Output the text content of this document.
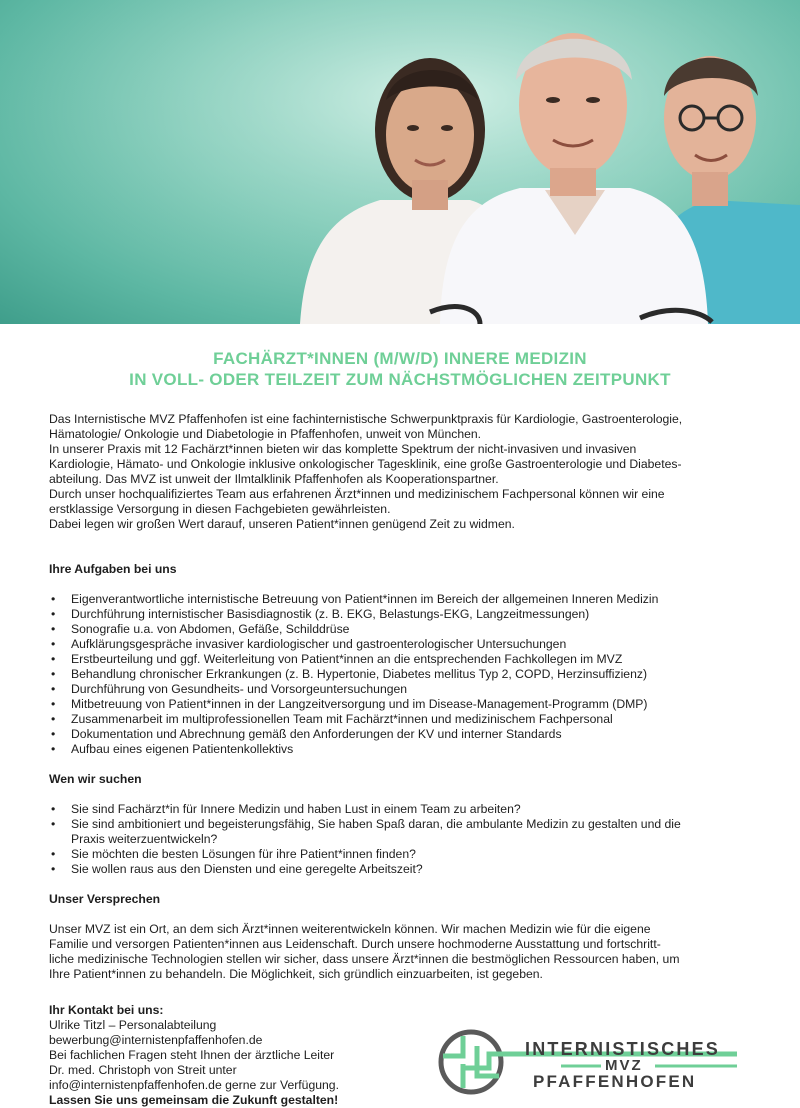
FACHÄRZT*INNEN (M/W/D) INNERE MEDIZIN
IN VOLL- ODER TEILZEIT ZUM NÄCHSTMÖGLICHEN ZEITPUNKT

Das Internistische MVZ Pfaffenhofen ist eine fachinternistische Schwerpunktpraxis für Kardiologie, Gastroenterologie,

Hämatologie/ Onkologie und Diabetologie in Pfaffenhofen, unweit von München.

In unserer Praxis mit 12 Fachärzt*innen bieten wir das komplette Spektrum der nicht-invasiven und invasiven

Kardiologie, Hämato- und Onkologie inklusive onkologischer Tagesklinik, eine große Gastroenterologie und Diabetes-

abteilung. Das MVZ ist unweit der Ilmtalklinik Pfaffenhofen als Kooperationspartner.

Durch unser hochqualifiziertes Team aus erfahrenen Ärzt*innen und medizinischem Fachpersonal können wir eine

erstklassige Versorgung in diesen Fachgebieten gewährleisten.

Dabei legen wir großen Wert darauf, unseren Patient*innen genügend Zeit zu widmen.

Ihre Aufgaben bei uns

• Eigenverantwortliche internistische Betreuung von Patient*innen im Bereich der allgemeinen Inneren Medizin
• Durchführung internistischer Basisdiagnostik (z. B. EKG, Belastungs-EKG, Langzeitmessungen)
• Sonografie u.a. von Abdomen, Gefäße, Schilddrüse
• Aufklärungsgespräche invasiver kardiologischer und gastroenterologischer Untersuchungen
• Erstbeurteilung und ggf. Weiterleitung von Patient*innen an die entsprechenden Fachkollegen im MVZ
• Behandlung chronischer Erkrankungen (z. B. Hypertonie, Diabetes mellitus Typ 2, COPD, Herzinsuffizienz)
• Durchführung von Gesundheits- und Vorsorgeuntersuchungen
• Mitbetreuung von Patient*innen in der Langzeitversorgung und im Disease-Management-Programm (DMP)
• Zusammenarbeit im multiprofessionellen Team mit Fachärzt*innen und medizinischem Fachpersonal
• Dokumentation und Abrechnung gemäß den Anforderungen der KV und interner Standards
• Aufbau eines eigenen Patientenkollektivs

Wen wir suchen

• Sie sind Fachärzt*in für Innere Medizin und haben Lust in einem Team zu arbeiten?
• Sie sind ambitioniert und begeisterungsfähig, Sie haben Spaß daran, die ambulante Medizin zu gestalten und die
Praxis weiterzuentwickeln?
• Sie möchten die besten Lösungen für ihre Patient*innen finden?
• Sie wollen raus aus den Diensten und eine geregelte Arbeitszeit?

Unser Versprechen

Unser MVZ ist ein Ort, an dem sich Ärzt*innen weiterentwickeln können. Wir machen Medizin wie für die eigene

Familie und versorgen Patienten*innen aus Leidenschaft. Durch unsere hochmoderne Ausstattung und fortschritt-

liche medizinische Technologien stellen wir sicher, dass unsere Ärzt*innen die bestmöglichen Ressourcen haben, um

Ihre Patient*innen zu behandeln. Die Möglichkeit, sich gründlich einzuarbeiten, ist gegeben.

Ihr Kontakt bei uns:
Ulrike Titzl – Personalabteilung
bewerbung@internistenpfaffenhofen.de
Bei fachlichen Fragen steht Ihnen der ärztliche Leiter
Dr. med. Christoph von Streit unter
info@internistenpfaffenhofen.de gerne zur Verfügung.
Lassen Sie uns gemeinsam die Zukunft gestalten!
INTERNISTISCHES
MVZ
PFAFFENHOFEN
